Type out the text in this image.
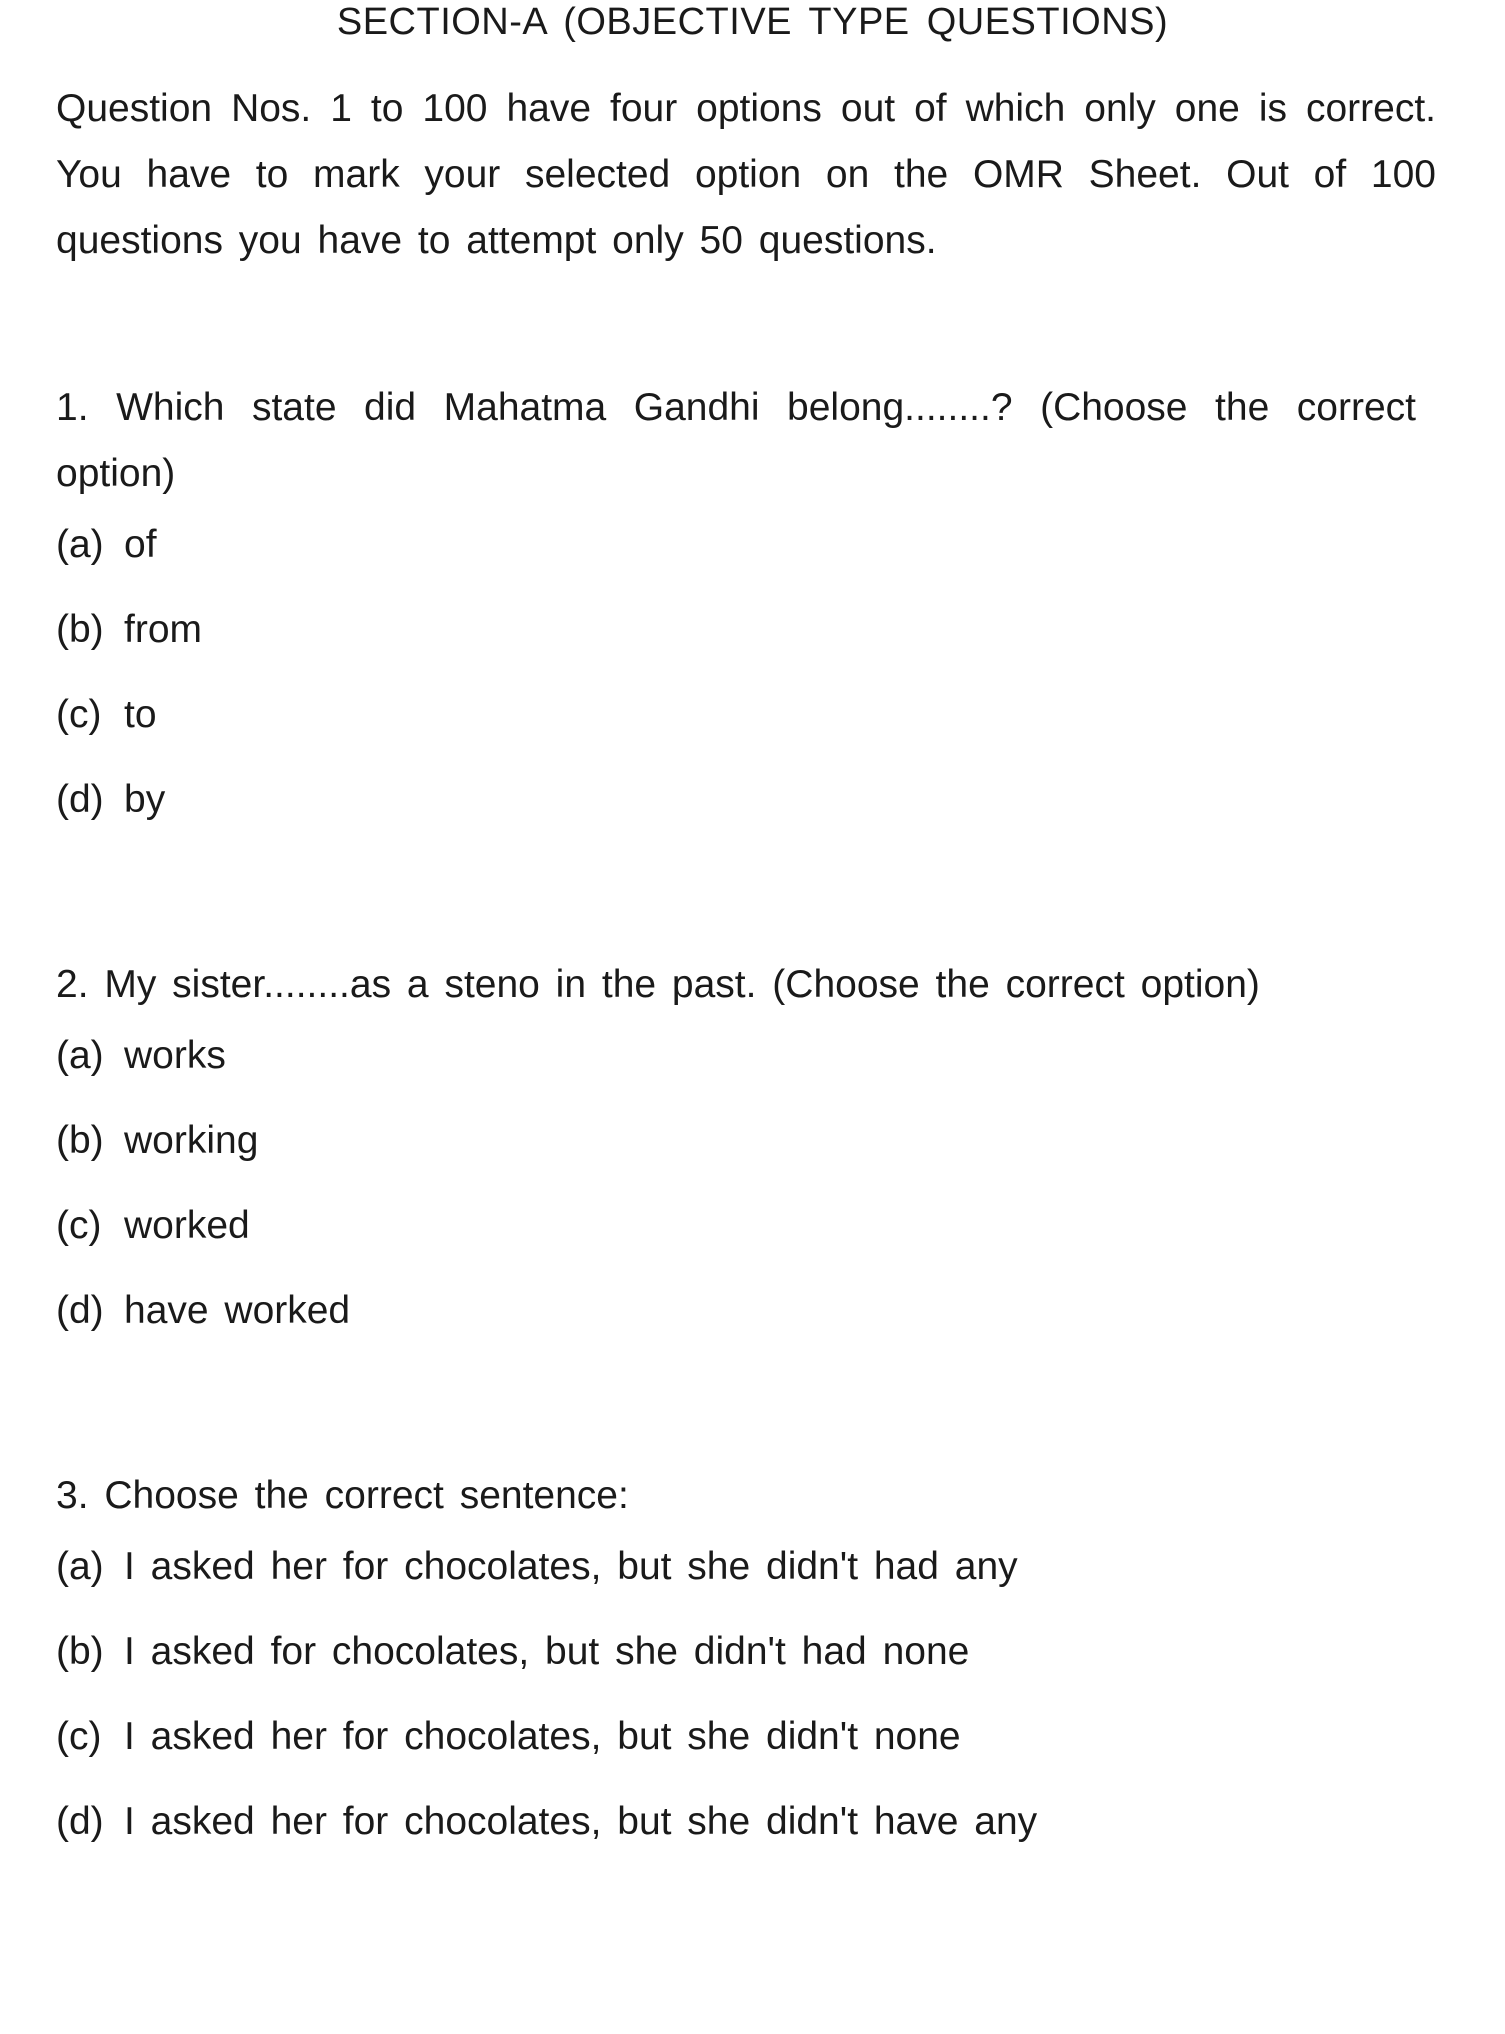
SECTION-A (OBJECTIVE TYPE QUESTIONS)

Question Nos. 1 to 100 have four options out of which only one is correct. You have to mark your selected option on the OMR Sheet. Out of 100 questions you have to attempt only 50 questions.

1. Which state did Mahatma Gandhi belong........? (Choose the correct option)

(a) of
(b) from
(c) to
(d) by

2. My sister........as a steno in the past. (Choose the correct option)

(a) works
(b) working
(c) worked
(d) have worked

3. Choose the correct sentence:

(a) I asked her for chocolates, but she didn't had any
(b) I asked for chocolates, but she didn't had none
(c) I asked her for chocolates, but she didn't none
(d) I asked her for chocolates, but she didn't have any
